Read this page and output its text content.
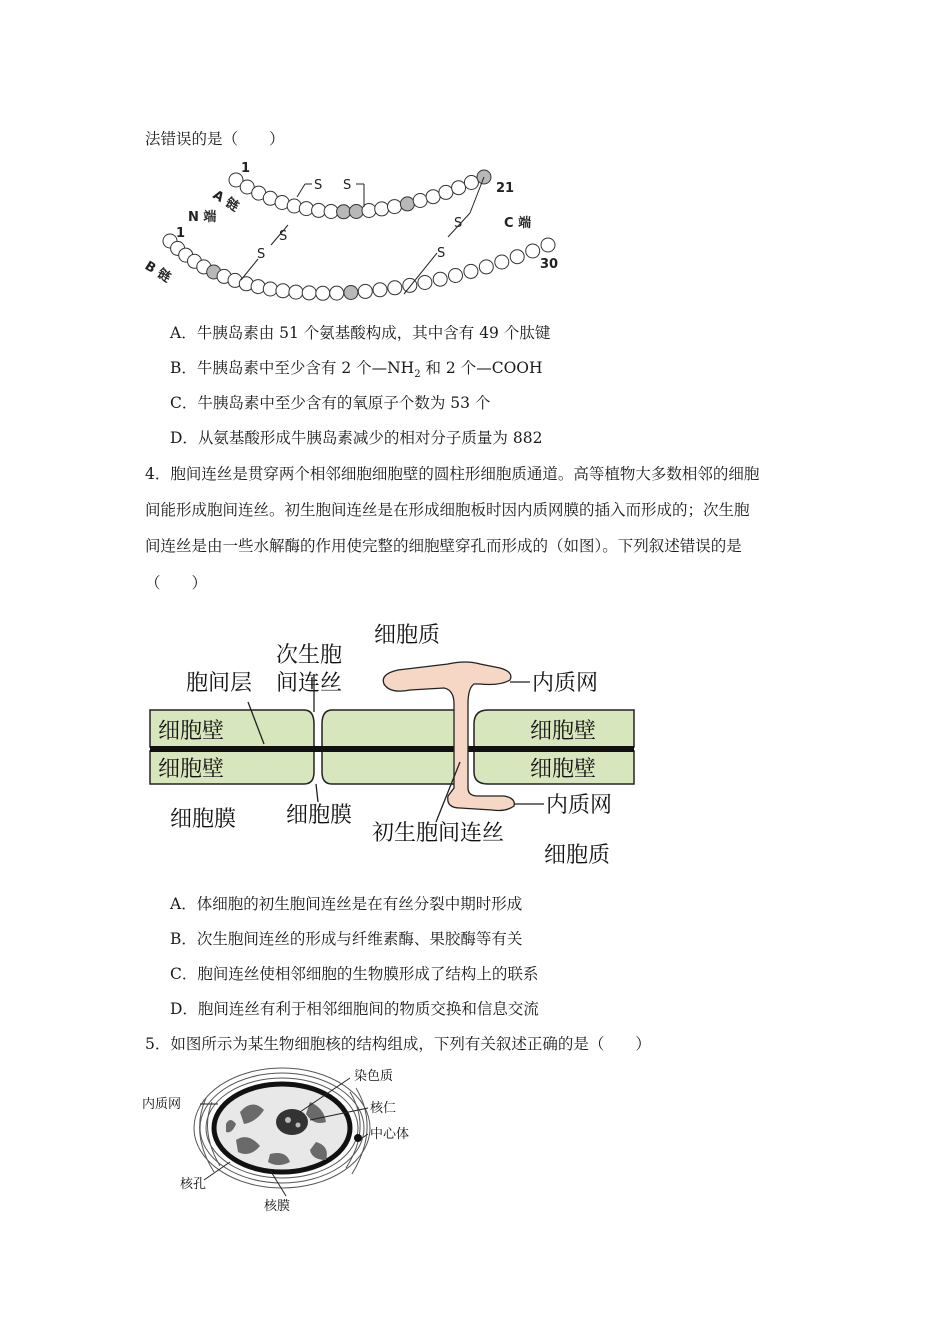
法错误的是（　　）
S S
S
S
S
S
1
21
1
30
A 链
B 链
N 端	C 端
A．牛胰岛素由 51 个氨基酸构成，其中含有 49 个肽键
B．牛胰岛素中至少含有 2 个$—NH_2$ 和 2 个—COOH
C．牛胰岛素中至少含有的氧原子个数为 53 个
D．从氨基酸形成牛胰岛素减少的相对分子质量为 882
4．胞间连丝是贯穿两个相邻细胞细胞壁的圆柱形细胞质通道。高等植物大多数相邻的细胞
间能形成胞间连丝。初生胞间连丝是在形成细胞板时因内质网膜的插入而形成的；次生胞
间连丝是由一些水解酶的作用使完整的细胞壁穿孔而形成的（如图）。下列叙述错误的是
（　　）
细胞质
次生胞
间连丝
胞间层	内质网
细胞壁
细胞壁
细胞壁
细胞壁
细胞膜 细胞膜
初生胞间连丝
内质网
细胞质
A．体细胞的初生胞间连丝是在有丝分裂中期时形成
B．次生胞间连丝的形成与纤维素酶、果胶酶等有关
C．胞间连丝使相邻细胞的生物膜形成了结构上的联系
D．胞间连丝有利于相邻细胞间的物质交换和信息交流
5．如图所示为某生物细胞核的结构组成，下列有关叙述正确的是（　　）
内质网
染色质
核仁
中心体
核孔
核膜
